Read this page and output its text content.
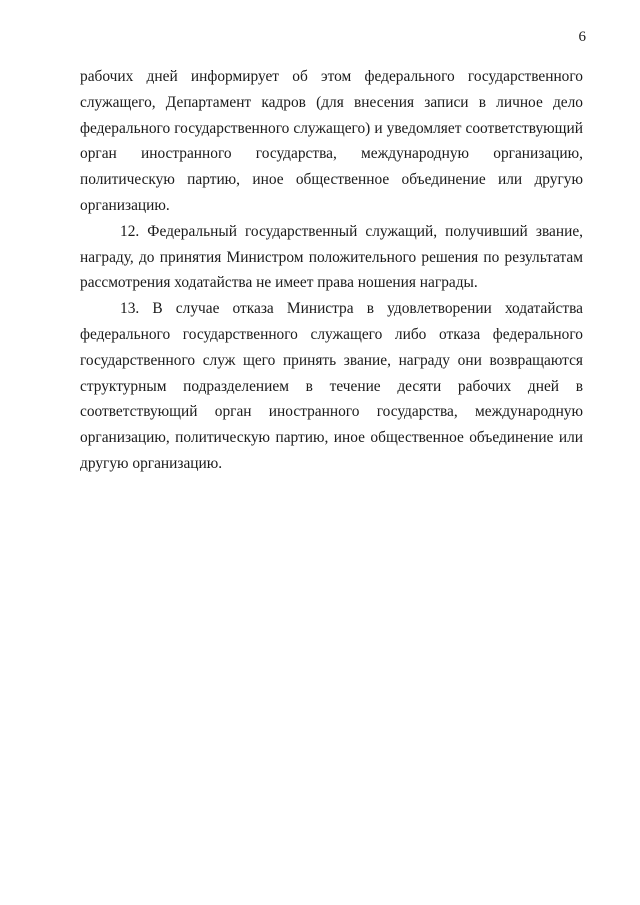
6

рабочих дней информирует об этом федерального государственного
служащего, Департамент кадров (для внесения записи в личное дело
федерального государственного служащего) и уведомляет соответствующий
орган иностранного государства, международную организацию,
политическую партию, иное общественное объединение или другую
организацию.

12. Федеральный государственный служащий, получивший звание,
награду, до принятия Министром положительного решения по результатам
рассмотрения ходатайства не имеет права ношения награды.

13. В случае отказа Министра в удовлетворении ходатайства
федерального государственного служащего либо отказа федерального
государственного служ щего принять звание, награду они возвращаются
структурным подразделением в течение десяти рабочих дней в
соответствующий орган иностранного государства, международную
организацию, политическую партию, иное общественное объединение или
другую организацию.
